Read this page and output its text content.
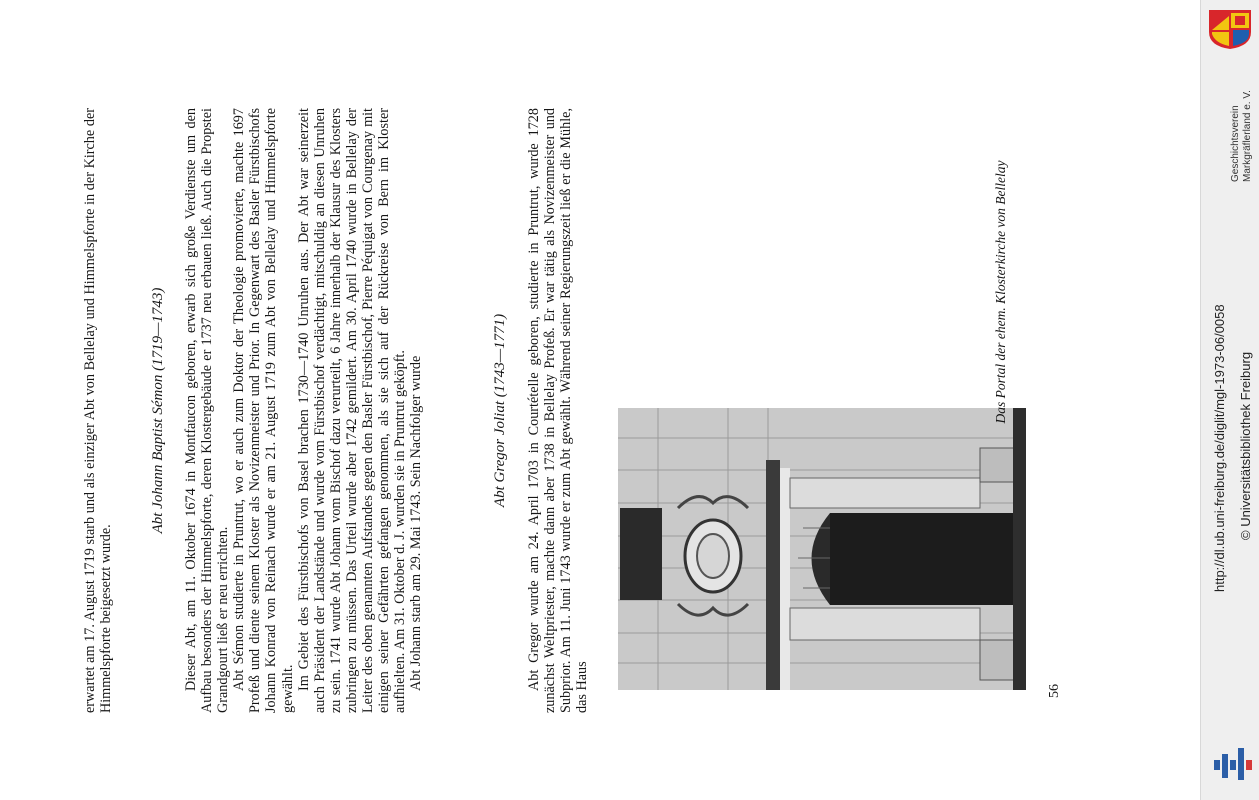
erwartet am 17. August 1719 starb und als einziger Abt von Bellelay und Himmelspforte in der Kirche der Himmelspforte beigesetzt wurde.

Abt Johann Baptist Sémon (1719—1743) Dieser Abt, am 11. Oktober 1674 in Montfaucon geboren, erwarb sich große Verdienste um den Aufbau besonders der Himmelspforte, deren Klostergebäude er 1737 neu erbauen ließ. Auch die Propstei Grandgourt ließ er neu errichten. Abt Sémon studierte in Pruntrut, wo er auch zum Doktor der Theologie promovierte, machte 1697 Profeß und diente seinem Kloster als Novizenmeister und Prior. In Gegenwart des Basler Fürstbischofs Johann Konrad von Reinach wurde er am 21. August 1719 zum Abt von Bellelay und Himmelspforte gewählt. Im Gebiet des Fürstbischofs von Basel brachen 1730—1740 Unruhen aus. Der Abt war seinerzeit auch Präsident der Landstände und wurde vom Fürstbischof verdächtigt, mitschuldig an diesen Unruhen zu sein. 1741 wurde Abt Johann vom Bischof dazu verurteilt, 6 Jahre innerhalb der Klausur des Klosters zubringen zu müssen. Das Urteil wurde aber 1742 gemildert. Am 30. April 1740 wurde in Bellelay der Leiter des oben genannten Aufstandes gegen den Basler Fürstbischof, Pierre Péquigat von Courgenay mit einigen seiner Gefährten gefangen genommen, als sie sich auf der Rückreise von Bern im Kloster aufhielten. Am 31. Oktober d. J. wurden sie in Pruntrut geköpft. Abt Johann starb am 29. Mai 1743. Sein Nachfolger wurde	Abt Gregor Joliat (1743—1771) Abt Gregor wurde am 24. April 1703 in Courtételle geboren, studierte in Pruntrut, wurde 1728 zunächst Weltpriester, machte dann aber 1738 in Bellelay Profeß. Er war tätig als Novizenmeister und Subprior. Am 11. Juni 1743 wurde er zum Abt gewählt. Während seiner Regierungszeit ließ er die Mühle, das Haus

Das Portal der ehem. Klosterkirche von Bellelay
56
Geschichtsverein Markgräflerland e. V.
http://dl.ub.uni-freiburg.de/diglit/mgl-1973-06/0058 © Universitätsbibliothek Freiburg
